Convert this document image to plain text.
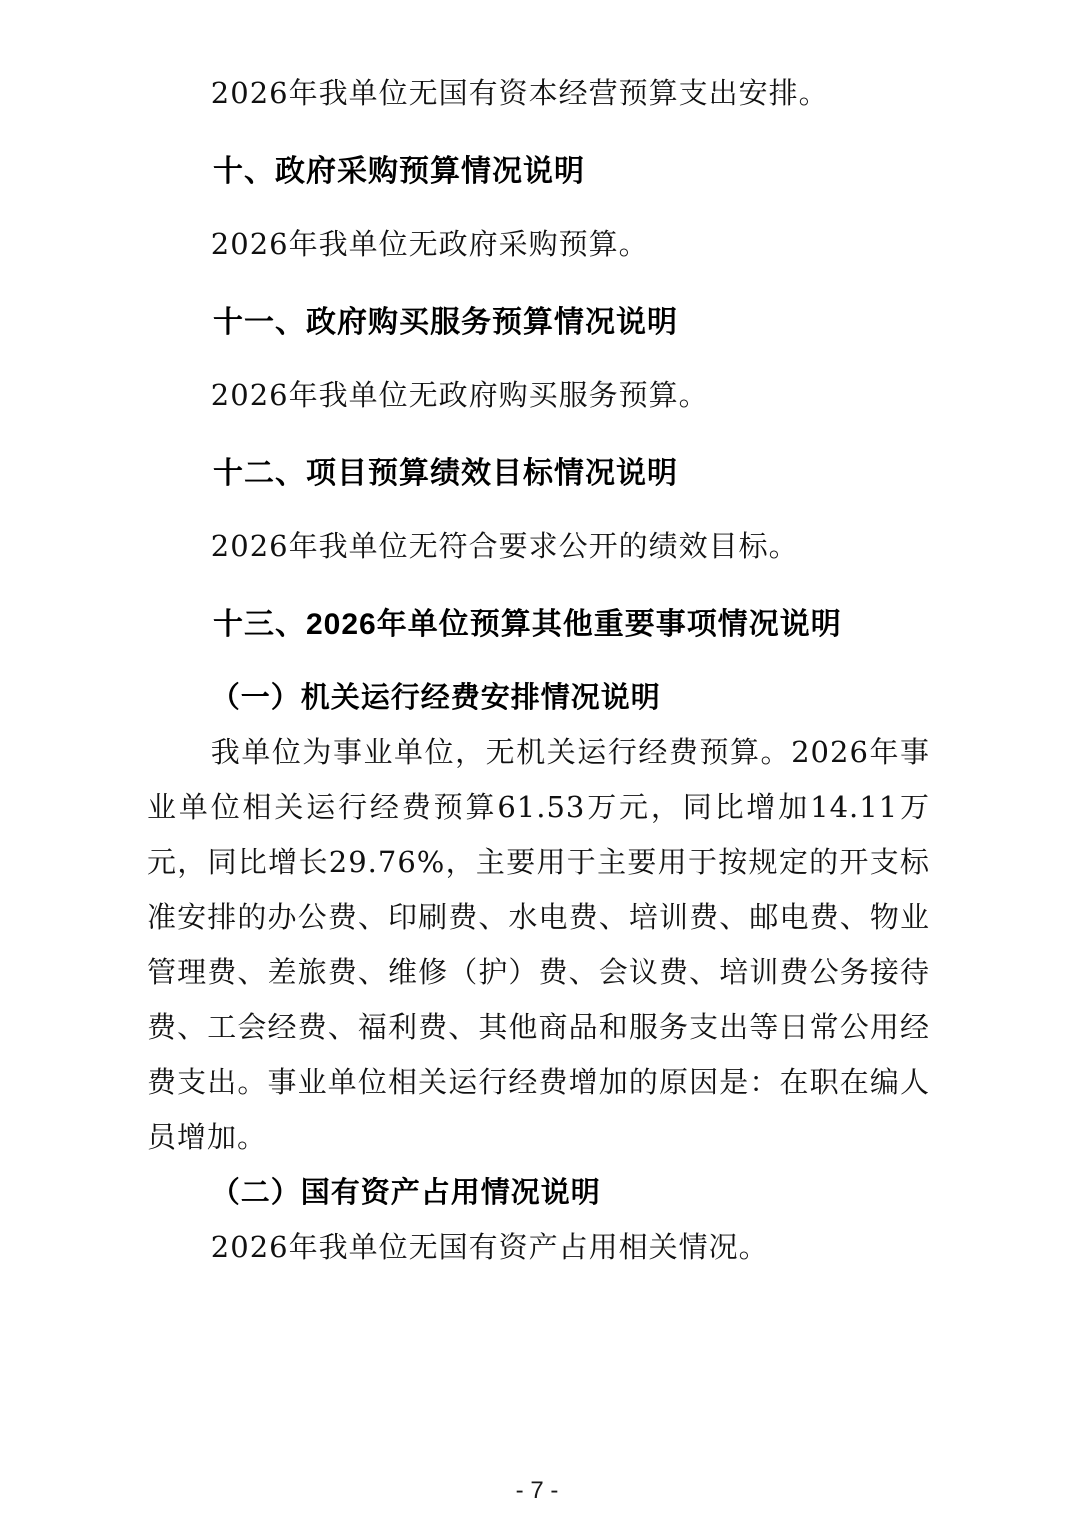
2026年我单位无国有资本经营预算支出安排。

十、政府采购预算情况说明

2026年我单位无政府采购预算。

十一、政府购买服务预算情况说明

2026年我单位无政府购买服务预算。

十二、项目预算绩效目标情况说明

2026年我单位无符合要求公开的绩效目标。

十三、2026年单位预算其他重要事项情况说明
（一）机关运行经费安排情况说明

我单位为事业单位，无机关运行经费预算。2026年事业单位相关运行经费预算61.53万元，同比增加14.11万元，同比增长29.76%，主要用于主要用于按规定的开支标准安排的办公费、印刷费、水电费、培训费、邮电费、物业管理费、差旅费、维修（护）费、会议费、培训费公务接待费、工会经费、福利费、其他商品和服务支出等日常公用经费支出。事业单位相关运行经费增加的原因是：在职在编人员增加。

（二）国有资产占用情况说明

2026年我单位无国有资产占用相关情况。

- 7 -
